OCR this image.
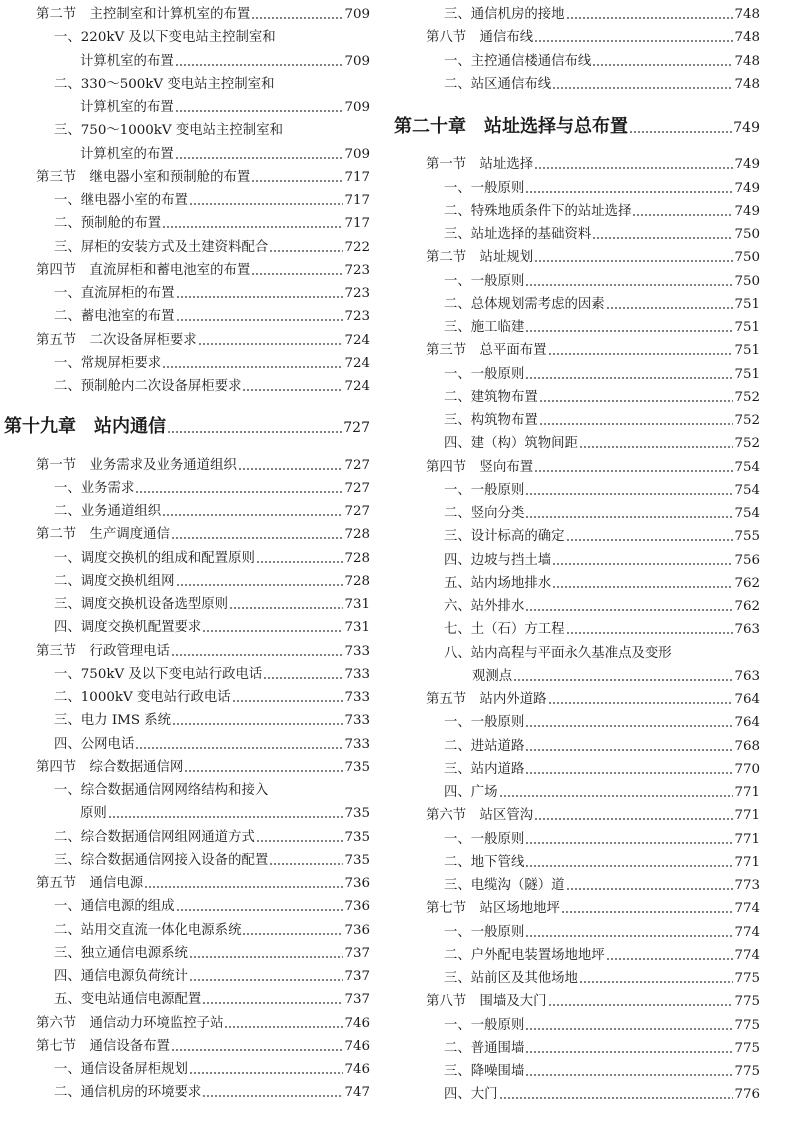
第二节　主控制室和计算机室的布置	709
一、220kV 及以下变电站主控制室和
计算机室的布置	709
二、330～500kV 变电站主控制室和
计算机室的布置	709
三、750～1000kV 变电站主控制室和
计算机室的布置	709
第三节　继电器小室和预制舱的布置	717
一、继电器小室的布置	717
二、预制舱的布置	717
三、屏柜的安装方式及土建资料配合	722
第四节　直流屏柜和蓄电池室的布置	723
一、直流屏柜的布置	723
二、蓄电池室的布置	723
第五节　二次设备屏柜要求	724
一、常规屏柜要求	724
二、预制舱内二次设备屏柜要求	724
第十九章　站内通信	727
第一节　业务需求及业务通道组织	727
一、业务需求	727
二、业务通道组织	727
第二节　生产调度通信	728
一、调度交换机的组成和配置原则	728
二、调度交换机组网	728
三、调度交换机设备选型原则	731
四、调度交换机配置要求	731
第三节　行政管理电话	733
一、750kV 及以下变电站行政电话	733
二、1000kV 变电站行政电话	733
三、电力 IMS 系统	733
四、公网电话	733
第四节　综合数据通信网	735
一、综合数据通信网网络结构和接入
原则	735
二、综合数据通信网组网通道方式	735
三、综合数据通信网接入设备的配置	735
第五节　通信电源	736
一、通信电源的组成	736
二、站用交直流一体化电源系统	736
三、独立通信电源系统	737
四、通信电源负荷统计	737
五、变电站通信电源配置	737
第六节　通信动力环境监控子站	746
第七节　通信设备布置	746
一、通信设备屏柜规划	746
二、通信机房的环境要求	747
三、通信机房的接地	748
第八节　通信布线	748
一、主控通信楼通信布线	748
二、站区通信布线	748
第二十章　站址选择与总布置	749
第一节　站址选择	749
一、一般原则	749
二、特殊地质条件下的站址选择	749
三、站址选择的基础资料	750
第二节　站址规划	750
一、一般原则	750
二、总体规划需考虑的因素	751
三、施工临建	751
第三节　总平面布置	751
一、一般原则	751
二、建筑物布置	752
三、构筑物布置	752
四、建（构）筑物间距	752
第四节　竖向布置	754
一、一般原则	754
二、竖向分类	754
三、设计标高的确定	755
四、边坡与挡土墙	756
五、站内场地排水	762
六、站外排水	762
七、土（石）方工程	763
八、站内高程与平面永久基准点及变形
观测点	763
第五节　站内外道路	764
一、一般原则	764
二、进站道路	768
三、站内道路	770
四、广场	771
第六节　站区管沟	771
一、一般原则	771
二、地下管线	771
三、电缆沟（隧）道	773
第七节　站区场地地坪	774
一、一般原则	774
二、户外配电装置场地地坪	774
三、站前区及其他场地	775
第八节　围墙及大门	775
一、一般原则	775
二、普通围墙	775
三、降噪围墙	775
四、大门	776
